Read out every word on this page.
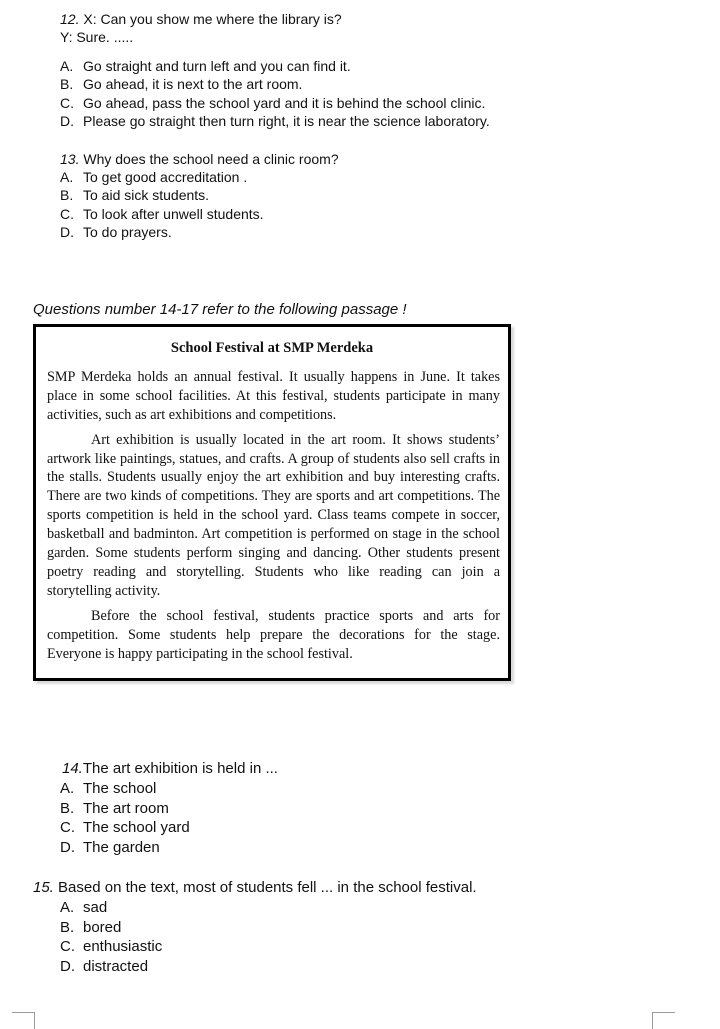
12. X: Can you show me where the library is?
Y: Sure. .....
A. Go straight and turn left and you can find it.
B. Go ahead, it is next to the art room.
C. Go ahead, pass the school yard and it is behind the school clinic.
D. Please go straight then turn right, it is near the science laboratory.
13. Why does the school need a clinic room?
A. To get good accreditation .
B. To aid sick students.
C. To look after unwell students.
D. To do prayers.
Questions number 14-17 refer to the following passage !
School Festival at SMP Merdeka

SMP Merdeka holds an annual festival. It usually happens in June. It takes place in some school facilities. At this festival, students participate in many activities, such as art exhibitions and competitions.

Art exhibition is usually located in the art room. It shows students’ artwork like paintings, statues, and crafts. A group of students also sell crafts in the stalls. Students usually enjoy the art exhibition and buy interesting crafts. There are two kinds of competitions. They are sports and art competitions. The sports competition is held in the school yard. Class teams compete in soccer, basketball and badminton. Art competition is performed on stage in the school garden. Some students perform singing and dancing. Other students present poetry reading and storytelling. Students who like reading can join a storytelling activity.

Before the school festival, students practice sports and arts for competition. Some students help prepare the decorations for the stage. Everyone is happy participating in the school festival.

14.The art exhibition is held in ...
A. The school
B. The art room
C. The school yard
D. The garden
15. Based on the text, most of students fell ... in the school festival.
A. sad
B. bored
C. enthusiastic
D. distracted
